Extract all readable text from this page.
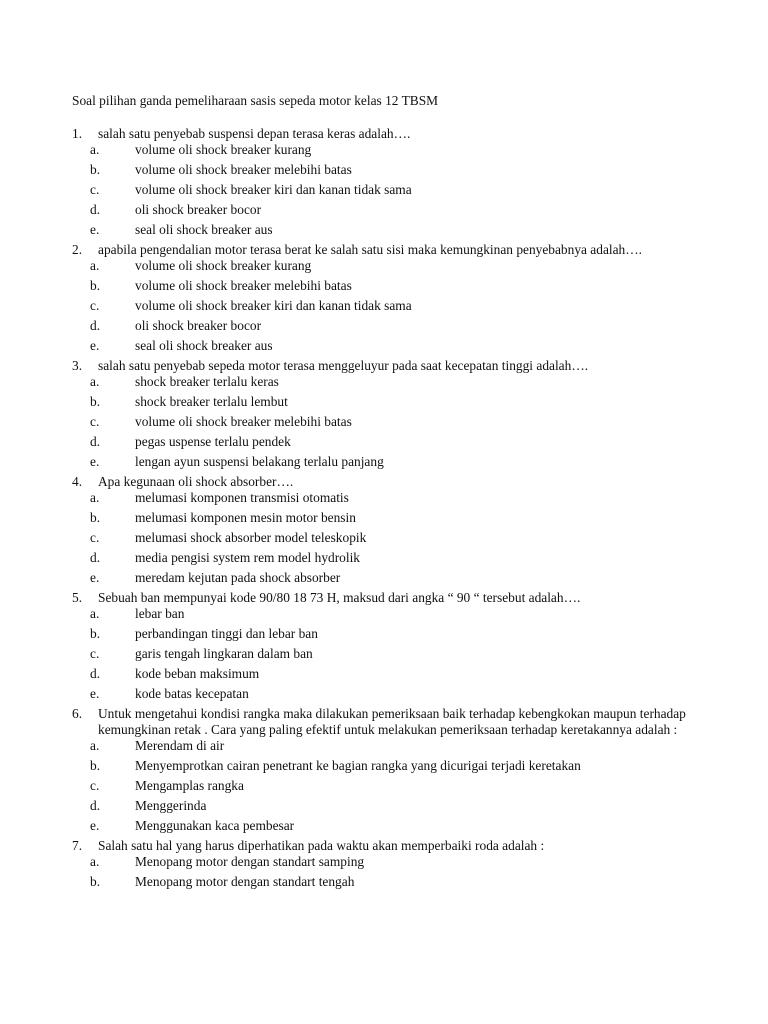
Soal pilihan ganda pemeliharaan sasis sepeda motor kelas 12 TBSM
1.	salah satu penyebab suspensi depan terasa keras adalah….
a.	volume oli shock breaker kurang
b.	volume oli shock breaker melebihi batas
c.	volume oli shock breaker kiri dan kanan tidak sama
d.	oli shock breaker bocor
e.	seal oli shock breaker aus
2.	apabila pengendalian motor terasa berat ke salah satu sisi maka kemungkinan penyebabnya adalah….
a.	volume oli shock breaker kurang
b.	volume oli shock breaker melebihi batas
c.	volume oli shock breaker kiri dan kanan tidak sama
d.	oli shock breaker bocor
e.	seal oli shock breaker aus
3.	salah satu penyebab sepeda motor terasa menggeluyur pada saat kecepatan tinggi adalah….
a.	shock breaker terlalu keras
b.	shock breaker terlalu lembut
c.	volume oli shock breaker melebihi batas
d.	pegas uspense terlalu pendek
e.	lengan ayun suspensi belakang terlalu panjang
4.	Apa kegunaan oli shock absorber….
a.	melumasi komponen transmisi otomatis
b.	melumasi komponen mesin motor bensin
c.	melumasi shock absorber model teleskopik
d.	media pengisi system rem model hydrolik
e.	meredam kejutan pada shock absorber
5.	Sebuah ban mempunyai kode 90/80 18 73 H, maksud dari angka “ 90 “ tersebut adalah….
a.	lebar ban
b.	perbandingan tinggi dan lebar ban
c.	garis tengah lingkaran dalam ban
d.	kode beban maksimum
e.	kode batas kecepatan
6.	Untuk mengetahui kondisi rangka maka dilakukan pemeriksaan baik terhadap kebengkokan maupun terhadap kemungkinan retak . Cara yang paling efektif untuk melakukan pemeriksaan terhadap keretakannya adalah :
a.	Merendam di air
b.	Menyemprotkan cairan penetrant ke bagian rangka yang dicurigai terjadi keretakan
c.	Mengamplas rangka
d.	Menggerinda
e.	Menggunakan kaca pembesar
7.	Salah satu hal yang harus diperhatikan pada waktu akan memperbaiki roda adalah :
a.	Menopang motor dengan standart samping
b.	Menopang motor dengan standart tengah
